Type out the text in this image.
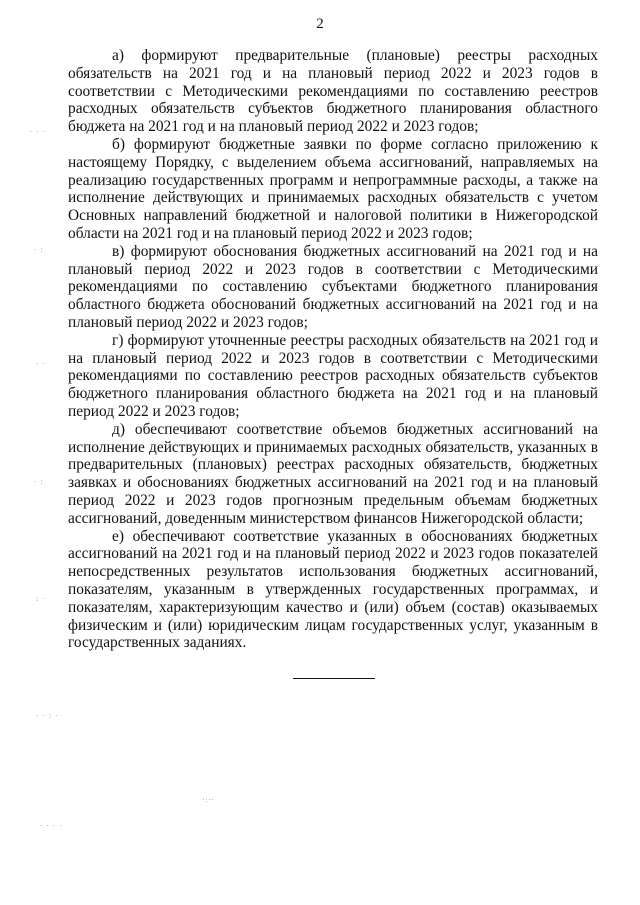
2

а) формируют предварительные (плановые) реестры расходных обязательств на 2021 год и на плановый период 2022 и 2023 годов в соответствии с Методическими рекомендациями по составлению реестров расходных обязательств субъектов бюджетного планирования областного бюджета на 2021 год и на плановый период 2022 и 2023 годов;

б) формируют бюджетные заявки по форме согласно приложению к настоящему Порядку, с выделением объема ассигнований, направляемых на реализацию государственных программ и непрограммные расходы, а также на исполнение действующих и принимаемых расходных обязательств с учетом Основных направлений бюджетной и налоговой политики в Нижегородской области на 2021 год и на плановый период 2022 и 2023 годов;

в) формируют обоснования бюджетных ассигнований на 2021 год и на плановый период 2022 и 2023 годов в соответствии с Методическими рекомендациями по составлению субъектами бюджетного планирования областного бюджета обоснований бюджетных ассигнований на 2021 год и на плановый период 2022 и 2023 годов;

г) формируют уточненные реестры расходных обязательств на 2021 год и на плановый период 2022 и 2023 годов в соответствии с Методическими рекомендациями по составлению реестров расходных обязательств субъектов бюджетного планирования областного бюджета на 2021 год и на плановый период 2022 и 2023 годов;

д) обеспечивают соответствие объемов бюджетных ассигнований на исполнение действующих и принимаемых расходных обязательств, указанных в предварительных (плановых) реестрах расходных обязательств, бюджетных заявках и обоснованиях бюджетных ассигнований на 2021 год и на плановый период 2022 и 2023 годов прогнозным предельным объемам бюджетных ассигнований, доведенным министерством финансов Нижегородской области;

е) обеспечивают соответствие указанных в обоснованиях бюджетных ассигнований на 2021 год и на плановый период 2022 и 2023 годов показателей непосредственных результатов использования бюджетных ассигнований, показателям, указанным в утвержденных государственных программах, и показателям, характеризующим качество и (или) объем (состав) оказываемых физическим и (или) юридическим лицам государственных услуг, указанным в государственных заданиях.

· · ·
· :
· ·
· :
: ·
· · : ·
·:··
· · · ·
